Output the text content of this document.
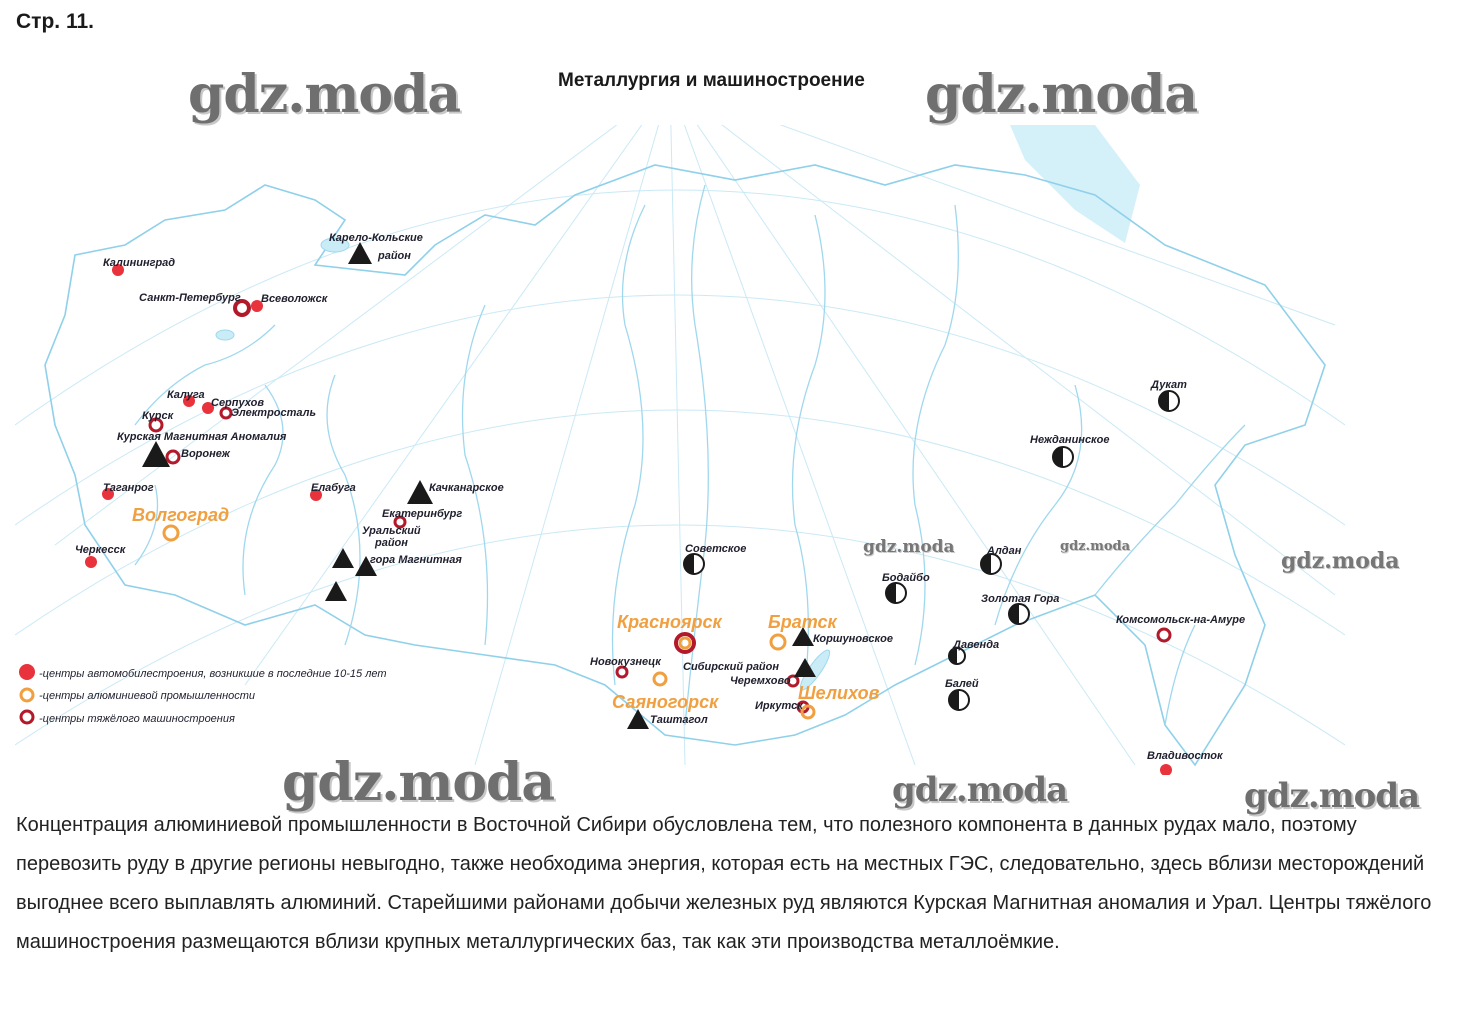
Стр. 11.
Металлургия и машиностроение
Калининград
Санкт-Петербург Всеволожск
Карело-Кольские
район
Калуга
Серпухов
Электросталь
Курск
Курская Магнитная Аномалия
Воронеж
Таганрог
Волгоград
Черкесск
Елабуга	Качканарское
Екатеринбург
Уральский
район
гора Магнитная
Советское
Красноярск	Братск
Коршуновское
Новокузнецк Сибирский район
Черемхово
Саяногорск	Иркутск
Шелихов
Таштагол
Алдан
Бодайбо
Золотая Гора
Давенда
Балей
Дукат
Нежданинское
Комсомольск-на-Амуре
Владивосток
-центры автомобилестроения, возникшие в последние 10-15 лет
-центры алюминиевой промышленности
-центры тяжёлого машиностроения
gdz.moda	gdz.moda
gdz.moda	gdz.moda	gdz.moda
gdz.moda	gdz.moda
gdz.moda

Концентрация алюминиевой промышленности в Восточной Сибири обусловлена тем, что полезного компонента в данных рудах мало, поэтому перевозить руду в другие регионы невыгодно, также необходима энергия, которая есть на местных ГЭС, следовательно, здесь вблизи месторождений выгоднее всего выплавлять алюминий. Старейшими районами добычи железных руд являются Курская Магнитная аномалия и Урал. Центры тяжёлого машиностроения размещаются вблизи крупных металлургических баз, так как эти производства металлоёмкие.
